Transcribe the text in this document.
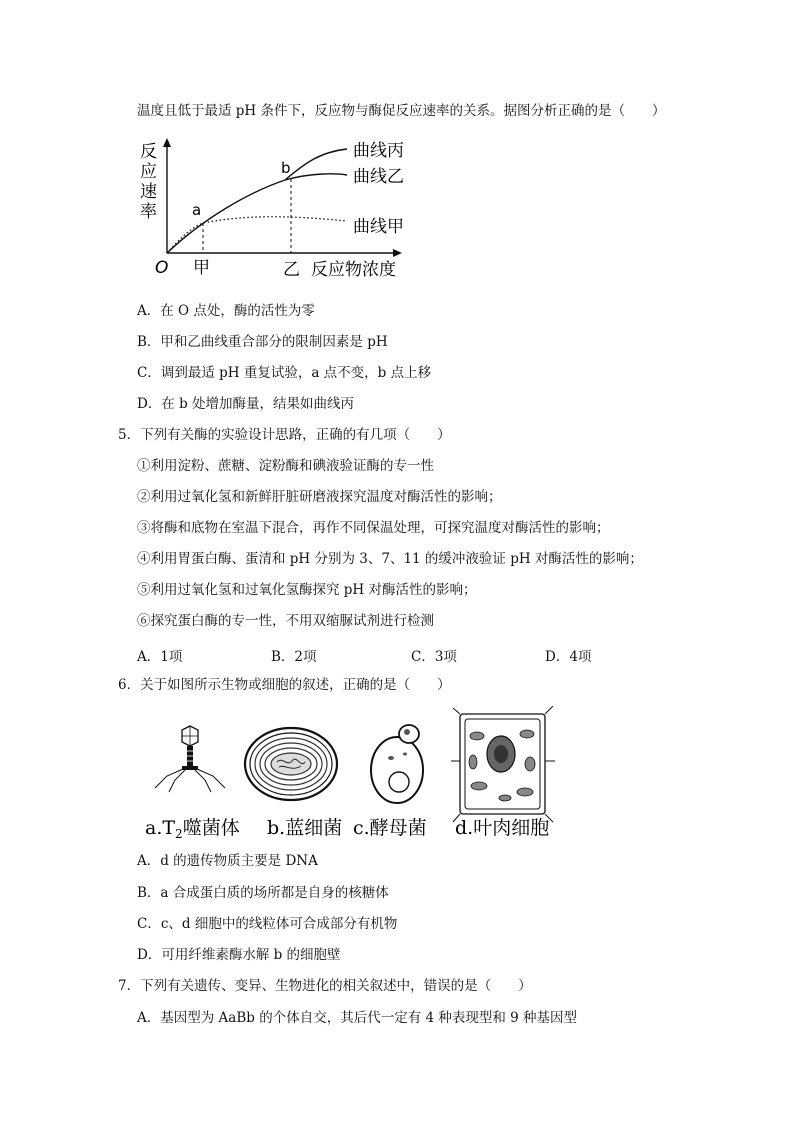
温度且低于最适 pH 条件下，反应物与酶促反应速率的关系。据图分析正确的是（　　）
反
应
速
率 a
b
曲线丙
曲线乙
曲线甲
O 甲	乙 反应物浓度
A．在 O 点处，酶的活性为零
B．甲和乙曲线重合部分的限制因素是 pH
C．调到最适 pH 重复试验，a 点不变，b 点上移
D．在 b 处增加酶量，结果如曲线丙
5．下列有关酶的实验设计思路，正确的有几项（　　）
①利用淀粉、蔗糖、淀粉酶和碘液验证酶的专一性
②利用过氧化氢和新鲜肝脏研磨液探究温度对酶活性的影响；
③将酶和底物在室温下混合，再作不同保温处理，可探究温度对酶活性的影响；
④利用胃蛋白酶、蛋清和 pH 分别为 3、7、11 的缓冲液验证 pH 对酶活性的影响；
⑤利用过氧化氢和过氧化氢酶探究 pH 对酶活性的影响；
⑥探究蛋白酶的专一性，不用双缩脲试剂进行检测
A．1项	B．2项	C．3项	D．4项
6．关于如图所示生物或细胞的叙述，正确的是（　　）
$a.T_2$噬菌体 b.蓝细菌 c.酵母菌 d.叶肉细胞
A．d 的遗传物质主要是 DNA
B．a 合成蛋白质的场所都是自身的核糖体
C．c、d 细胞中的线粒体可合成部分有机物
D．可用纤维素酶水解 b 的细胞壁
7．下列有关遗传、变异、生物进化的相关叙述中，错误的是（　　）
A．基因型为 AaBb 的个体自交，其后代一定有 4 种表现型和 9 种基因型
